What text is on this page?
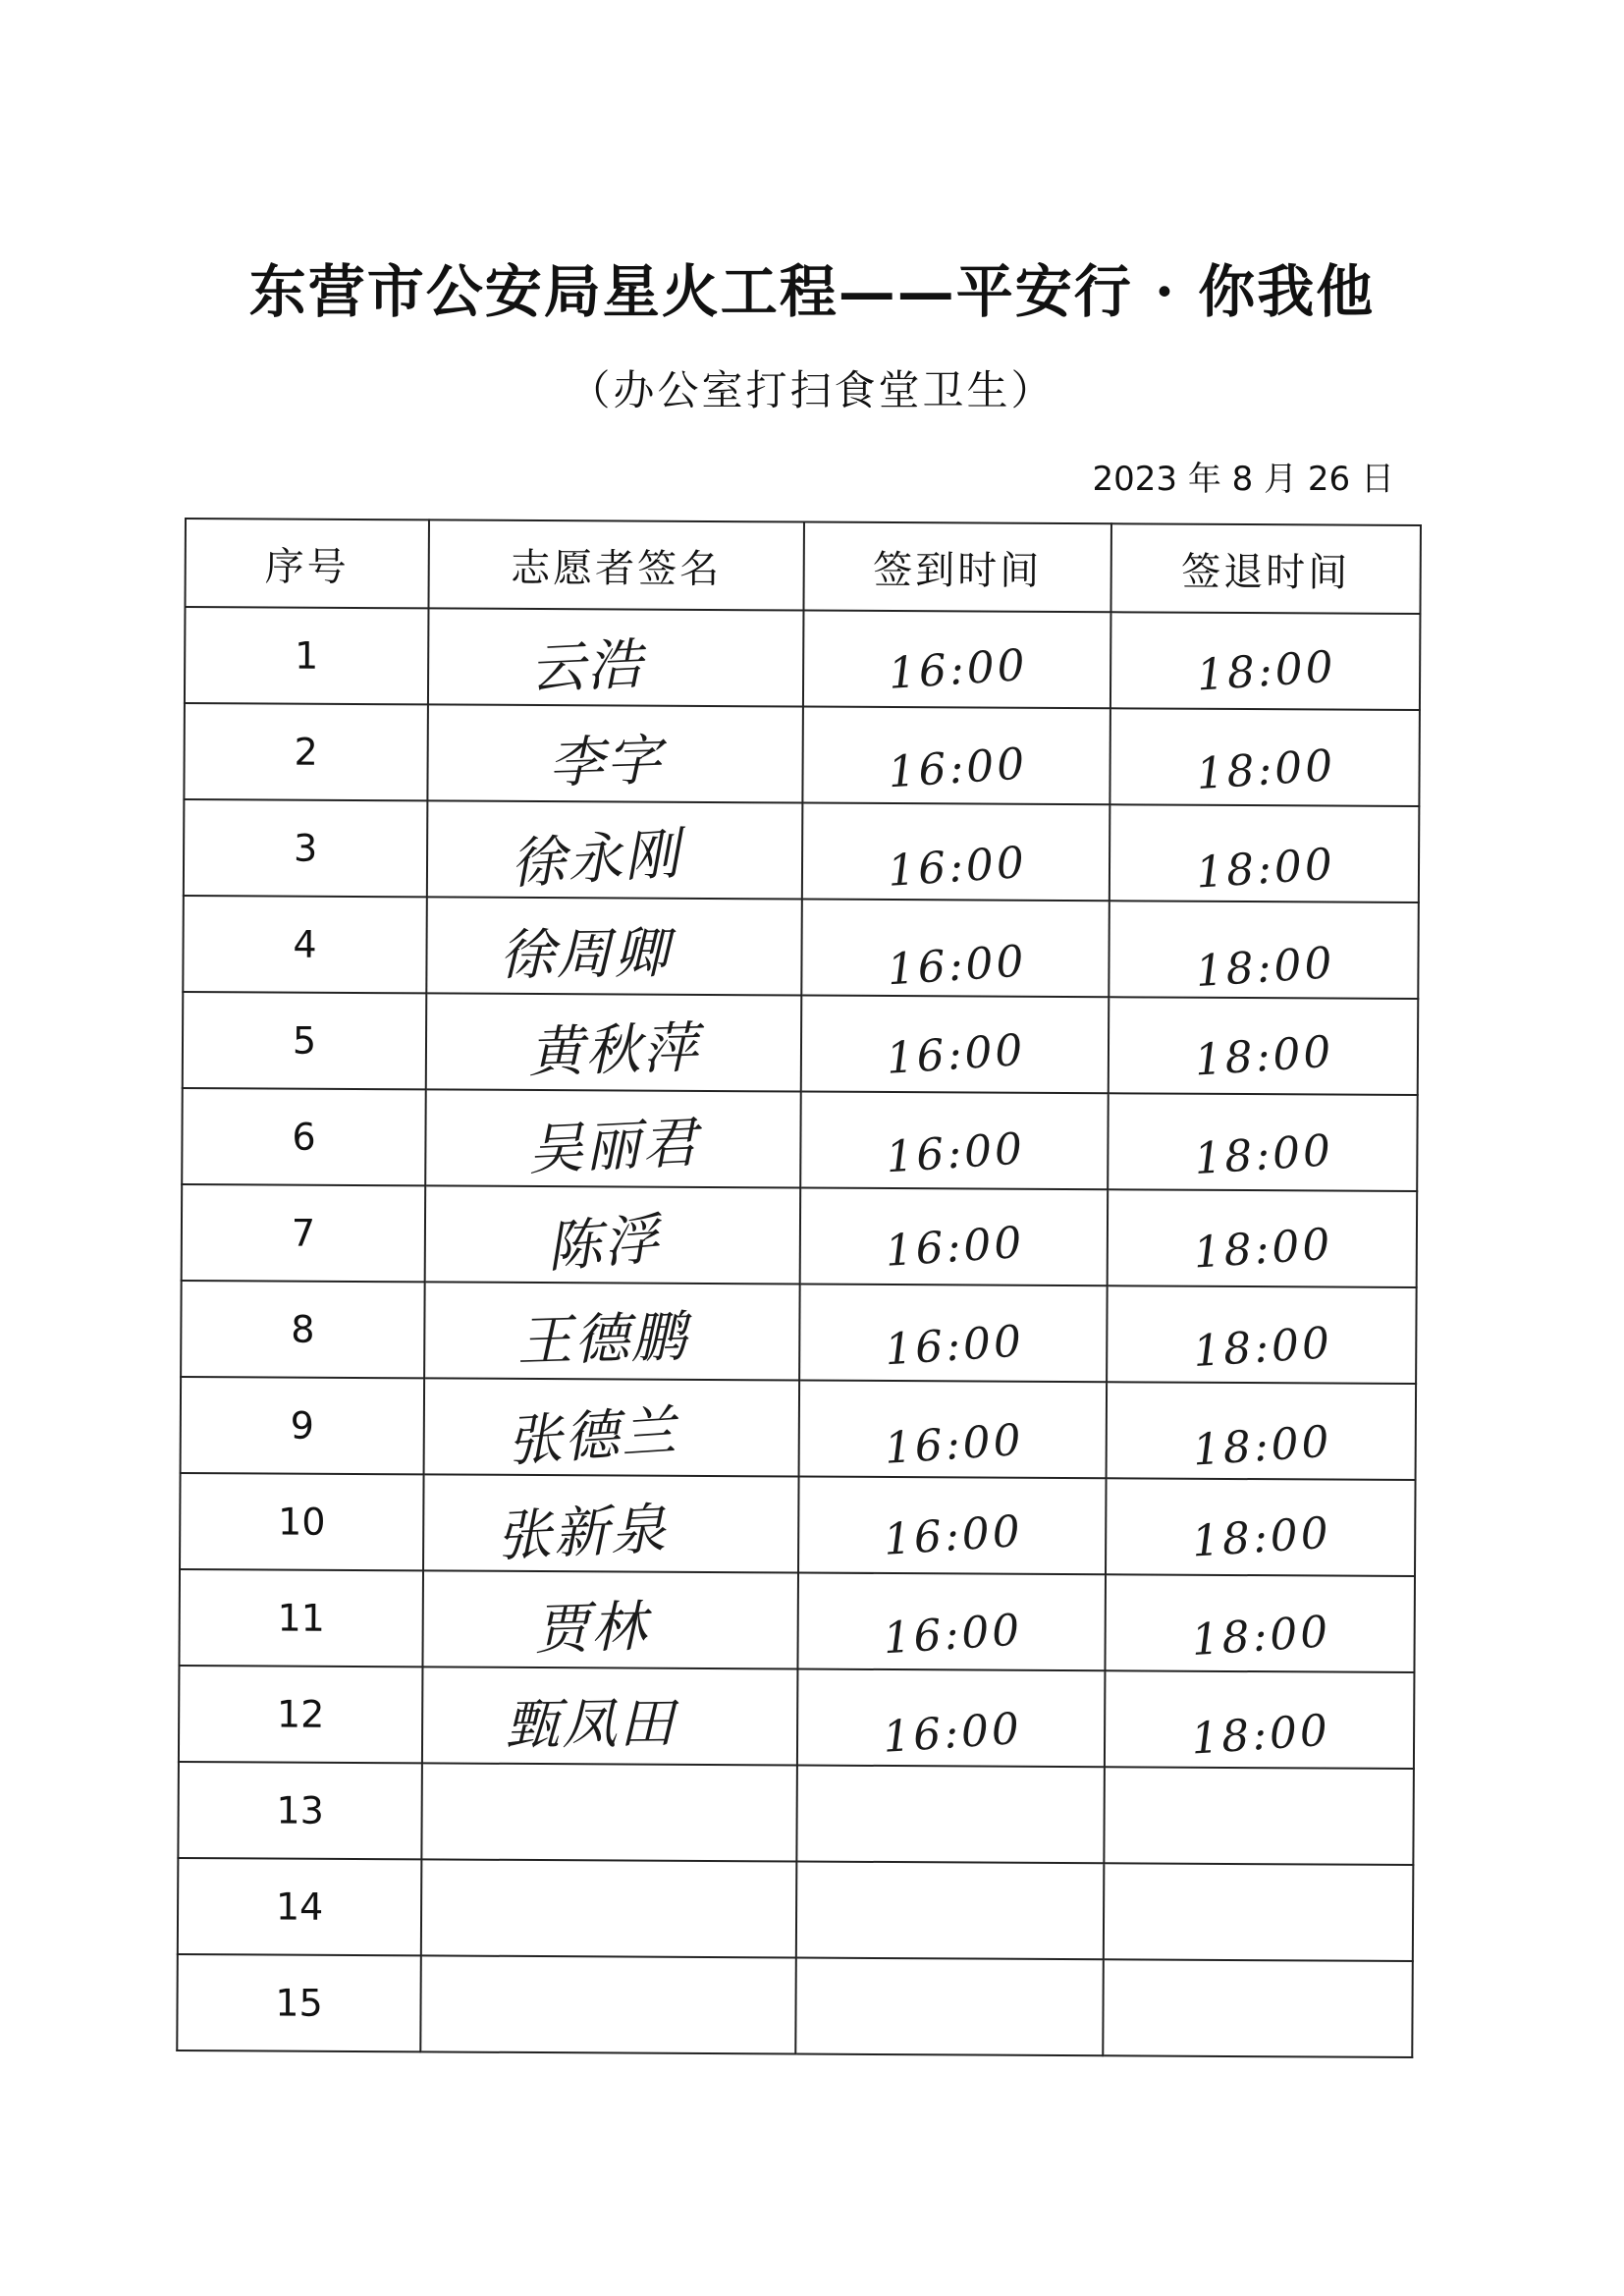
东营市公安局星火工程——平安行 · 你我他
（办公室打扫食堂卫生）
2023 年 8 月 26 日
序号	志愿者签名	签到时间	签退时间
1	云浩	16:00	18:00
2	李字	16:00	18:00
3	徐永刚	16:00	18:00
4	徐周卿	16:00	18:00
5	黄秋萍	16:00	18:00
6	吴丽君	16:00	18:00
7	陈浮	16:00	18:00
8	王德鹏	16:00	18:00
9	张德兰	16:00	18:00
10	张新泉	16:00	18:00
11	贾林	16:00	18:00
12	甄凤田	16:00	18:00
13			
14			
15			
